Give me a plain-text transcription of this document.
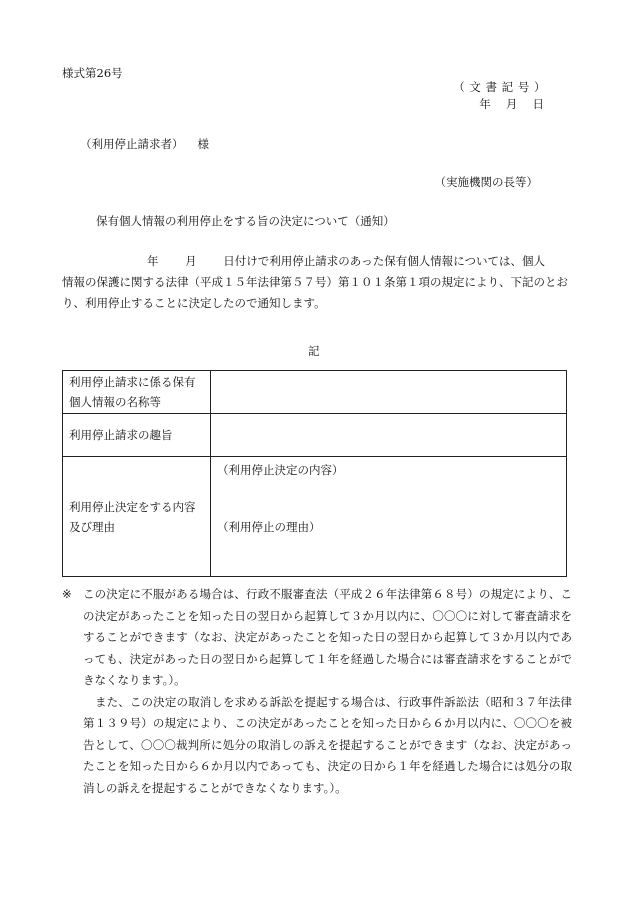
様式第26号
（ 文 書 記 号 ）
年　 月　 日
（利用停止請求者） 様
（実施機関の長等）
保有個人情報の利用停止をする旨の決定について（通知）

年　　 月　　 日付けで利用停止請求のあった保有個人情報については、個人

情報の保護に関する法律（平成１５年法律第５７号）第１０１条第１項の規定により、下記のとお

り、利用停止することに決定したので通知します。

記
利用停止請求に係る保有個人情報の名称等	
利用停止請求の趣旨	
利用停止決定をする内容及び理由	（利用停止決定の内容）
（利用停止の理由）
※ この決定に不服がある場合は、行政不服審査法（平成２６年法律第６８号）の規定により、この決定があったことを知った日の翌日から起算して３か月以内に、〇〇〇に対して審査請求をすることができます（なお、決定があったことを知った日の翌日から起算して３か月以内であっても、決定があった日の翌日から起算して１年を経過した場合には審査請求をすることができなくなります。）。

また、この決定の取消しを求める訴訟を提起する場合は、行政事件訴訟法（昭和３７年法律第１３９号）の規定により、この決定があったことを知った日から６か月以内に、〇〇〇を被告として、〇〇〇裁判所に処分の取消しの訴えを提起することができます（なお、決定があったことを知った日から６か月以内であっても、決定の日から１年を経過した場合には処分の取消しの訴えを提起することができなくなります。）。
